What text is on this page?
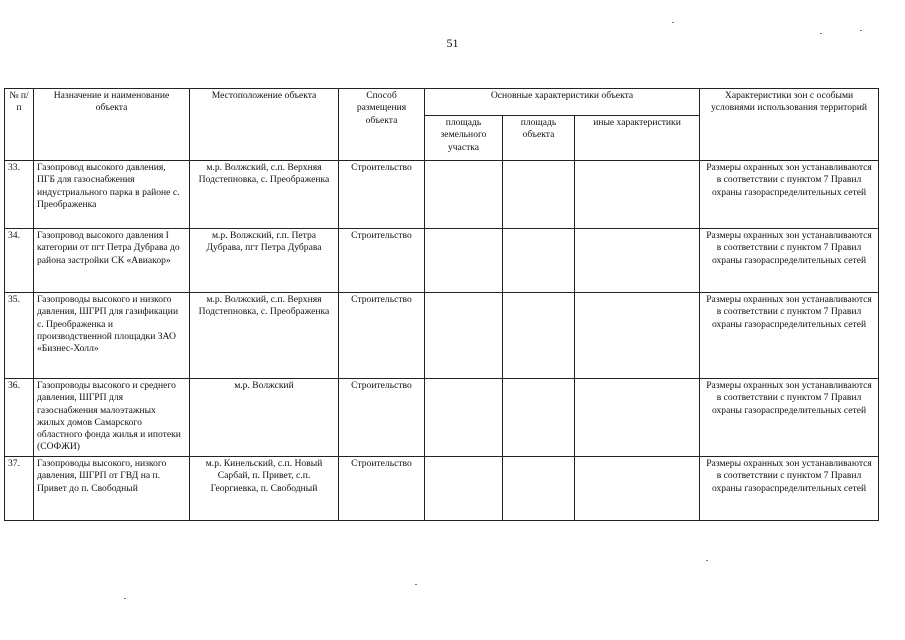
51
№ п/п	Назначение и наименование объекта	Местоположение объекта	Способ размещения объекта	Основные характеристики объекта			Характеристики зон с особыми условиями использования территорий
				площадь земельного участка	площадь объекта	иные характеристики	
33.	Газопровод высокого давления, ПГБ для газоснабжения индустриального парка в районе с. Преображенка	м.р. Волжский, с.п. Верхняя Подстепновка, с. Преображенка	Строительство				Размеры охранных зон устанавливаются в соответствии с пунктом 7 Правил охраны газораспределительных сетей
34.	Газопровод высокого давления I категории от пгт Петра Дубрава до района застройки СК «Авиакор»	м.р. Волжский, г.п. Петра Дубрава, пгт Петра Дубрава	Строительство				Размеры охранных зон устанавливаются в соответствии с пунктом 7 Правил охраны газораспределительных сетей
35.	Газопроводы высокого и низкого давления, ШГРП для газификации с. Преображенка и производственной площадки ЗАО «Бизнес-Холл»	м.р. Волжский, с.п. Верхняя Подстепновка, с. Преображенка	Строительство				Размеры охранных зон устанавливаются в соответствии с пунктом 7 Правил охраны газораспределительных сетей
36.	Газопроводы высокого и среднего давления, ШГРП для газоснабжения малоэтажных жилых домов Самарского областного фонда жилья и ипотеки (СОФЖИ)	м.р. Волжский	Строительство				Размеры охранных зон устанавливаются в соответствии с пунктом 7 Правил охраны газораспределительных сетей
37.	Газопроводы высокого, низкого давления, ШГРП от ГВД на п. Привет до п. Свободный	м.р. Кинельский, с.п. Новый Сарбай, п. Привет, с.п. Георгиевка, п. Свободный	Строительство				Размеры охранных зон устанавливаются в соответствии с пунктом 7 Правил охраны газораспределительных сетей
